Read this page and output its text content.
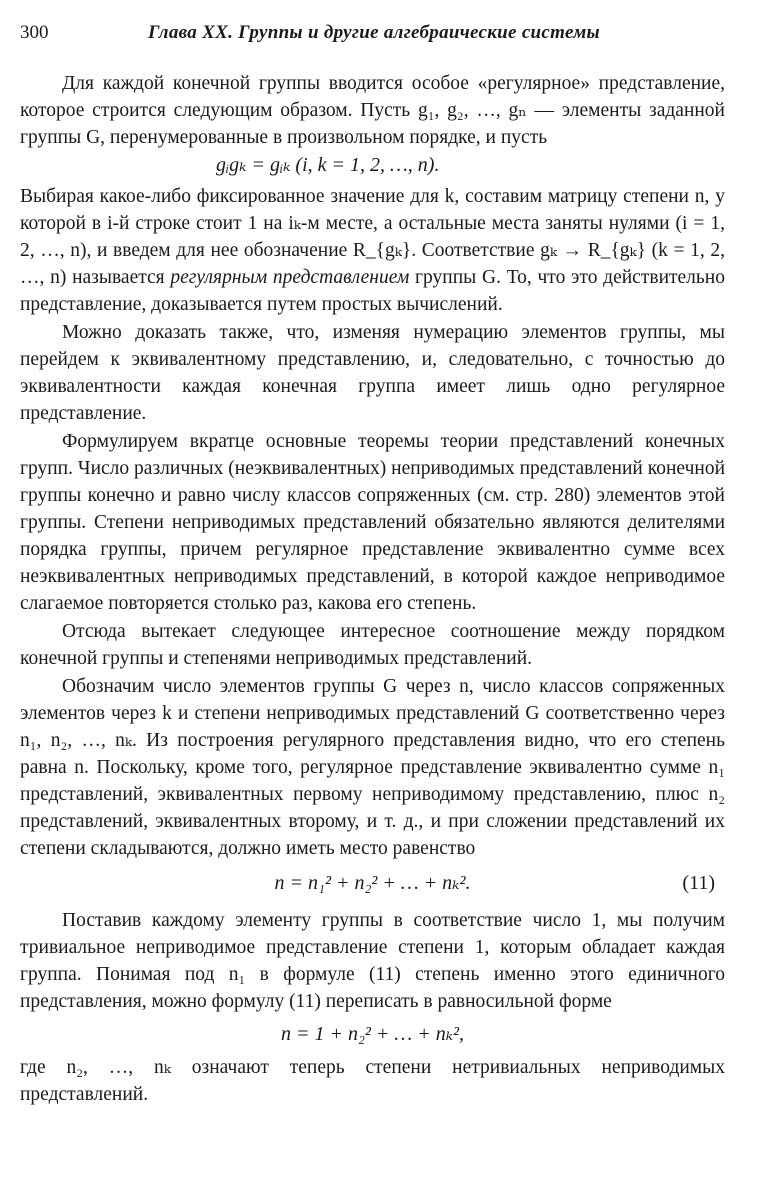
300	Глава XX. Группы и другие алгебраические системы

Для каждой конечной группы вводится особое «регулярное» представление, которое строится следующим образом. Пусть g₁, g₂, …, gₙ — элементы заданной группы G, перенумерованные в произвольном порядке, и пусть

gᵢgₖ = gᵢₖ (i, k = 1, 2, …, n).

Выбирая какое-либо фиксированное значение для k, составим матрицу степени n, у которой в i-й строке стоит 1 на iₖ-м месте, а остальные места заняты нулями (i = 1, 2, …, n), и введем для нее обозначение R_{gₖ}. Соответствие gₖ → R_{gₖ} (k = 1, 2, …, n) называется регулярным представлением группы G. То, что это действительно представление, доказывается путем простых вычислений.

Можно доказать также, что, изменяя нумерацию элементов группы, мы перейдем к эквивалентному представлению, и, следовательно, с точностью до эквивалентности каждая конечная группа имеет лишь одно регулярное представление.

Формулируем вкратце основные теоремы теории представлений конечных групп. Число различных (неэквивалентных) неприводимых представлений конечной группы конечно и равно числу классов сопряженных (см. стр. 280) элементов этой группы. Степени неприводимых представлений обязательно являются делителями порядка группы, причем регулярное представление эквивалентно сумме всех неэквивалентных неприводимых представлений, в которой каждое неприводимое слагаемое повторяется столько раз, какова его степень.

Отсюда вытекает следующее интересное соотношение между порядком конечной группы и степенями неприводимых представлений.

Обозначим число элементов группы G через n, число классов сопряженных элементов через k и степени неприводимых представлений G соответственно через n₁, n₂, …, nₖ. Из построения регулярного представления видно, что его степень равна n. Поскольку, кроме того, регулярное представление эквивалентно сумме n₁ представлений, эквивалентных первому неприводимому представлению, плюс n₂ представлений, эквивалентных второму, и т. д., и при сложении представлений их степени складываются, должно иметь место равенство

n = n₁² + n₂² + … + nₖ².	(11)

Поставив каждому элементу группы в соответствие число 1, мы получим тривиальное неприводимое представление степени 1, которым обладает каждая группа. Понимая под n₁ в формуле (11) степень именно этого единичного представления, можно формулу (11) переписать в равносильной форме

n = 1 + n₂² + … + nₖ²,

где n₂, …, nₖ означают теперь степени нетривиальных неприводимых представлений.
